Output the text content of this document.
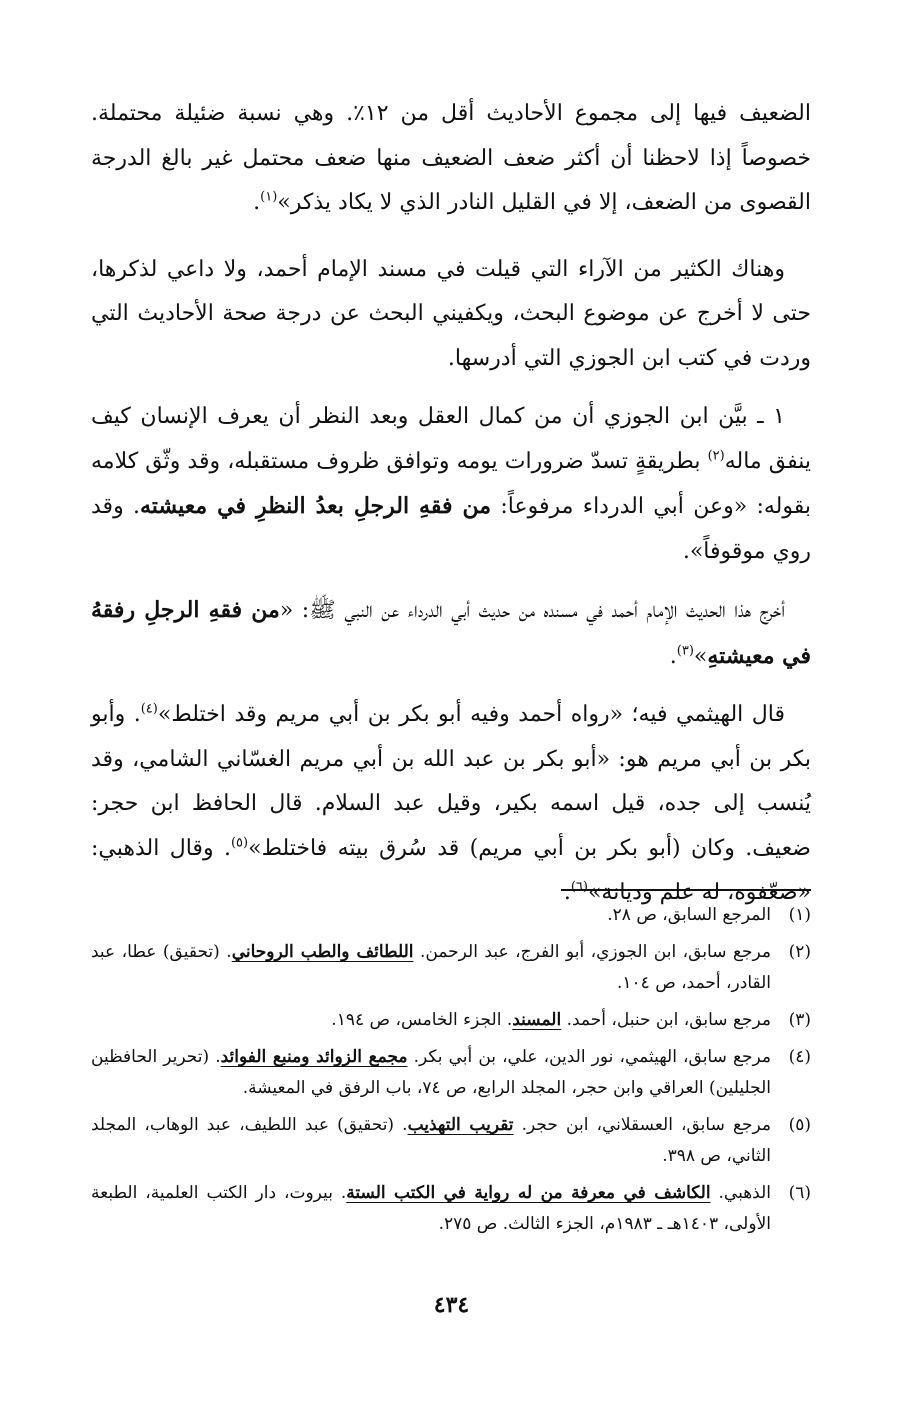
الضعيف فيها إلى مجموع الأحاديث أقل من ١٢٪. وهي نسبة ضئيلة محتملة. خصوصاً إذا لاحظنا أن أكثر ضعف الضعيف منها ضعف محتمل غير بالغ الدرجة القصوى من الضعف، إلا في القليل النادر الذي لا يكاد يذكر»$^{(١)}$.

وهناك الكثير من الآراء التي قيلت في مسند الإمام أحمد، ولا داعي لذكرها، حتى لا أخرج عن موضوع البحث، ويكفيني البحث عن درجة صحة الأحاديث التي وردت في كتب ابن الجوزي التي أدرسها.

١ ـ بيَّن ابن الجوزي أن من كمال العقل وبعد النظر أن يعرف الإنسان كيف ينفق ماله$^{(٢)}$ بطريقةٍ تسدّ ضرورات يومه وتوافق ظروف مستقبله، وقد وثّق كلامه بقوله: «وعن أبي الدرداء مرفوعاً: من فقهِ الرجلِ بعدُ النظرِ في معيشته. وقد روي موقوفاً».

أخرج هذا الحديث الإمام أحمد في مسنده من حديث أبي الدرداء عن النبي ﷺ: «من فقهِ الرجلِ رفقهُ في معيشتهِ»$^{(٣)}$.

قال الهيثمي فيه؛ «رواه أحمد وفيه أبو بكر بن أبي مريم وقد اختلط»$^{(٤)}$. وأبو بكر بن أبي مريم هو: «أبو بكر بن عبد الله بن أبي مريم الغسّاني الشامي، وقد يُنسب إلى جده، قيل اسمه بكير، وقيل عبد السلام. قال الحافظ ابن حجر: ضعيف. وكان (أبو بكر بن أبي مريم) قد سُرق بيته فاختلط»$^{(٥)}$. وقال الذهبي: «ضعّفوه، له علم وديانة»$^{(٦)}$.

(١)
المرجع السابق، ص ٢٨.
(٢)
مرجع سابق، ابن الجوزي، أبو الفرج، عبد الرحمن. اللطائف والطب الروحاني. (تحقيق) عطا، عبد القادر، أحمد، ص ١٠٤.
(٣)
مرجع سابق، ابن حنبل، أحمد. المسند. الجزء الخامس، ص ١٩٤.
(٤)
مرجع سابق، الهيثمي، نور الدين، علي، بن أبي بكر. مجمع الزوائد ومنبع الفوائد. (تحرير الحافظين الجليلين) العراقي وابن حجر، المجلد الرابع، ص ٧٤، باب الرفق في المعيشة.
(٥)
مرجع سابق، العسقلاني، ابن حجر. تقريب التهذيب. (تحقيق) عبد اللطيف، عبد الوهاب، المجلد الثاني، ص ٣٩٨.
(٦)
الذهبي. الكاشف في معرفة من له رواية في الكتب الستة. بيروت، دار الكتب العلمية، الطبعة الأولى، ١٤٠٣هـ ـ ١٩٨٣م، الجزء الثالث. ص ٢٧٥.
٤٣٤
